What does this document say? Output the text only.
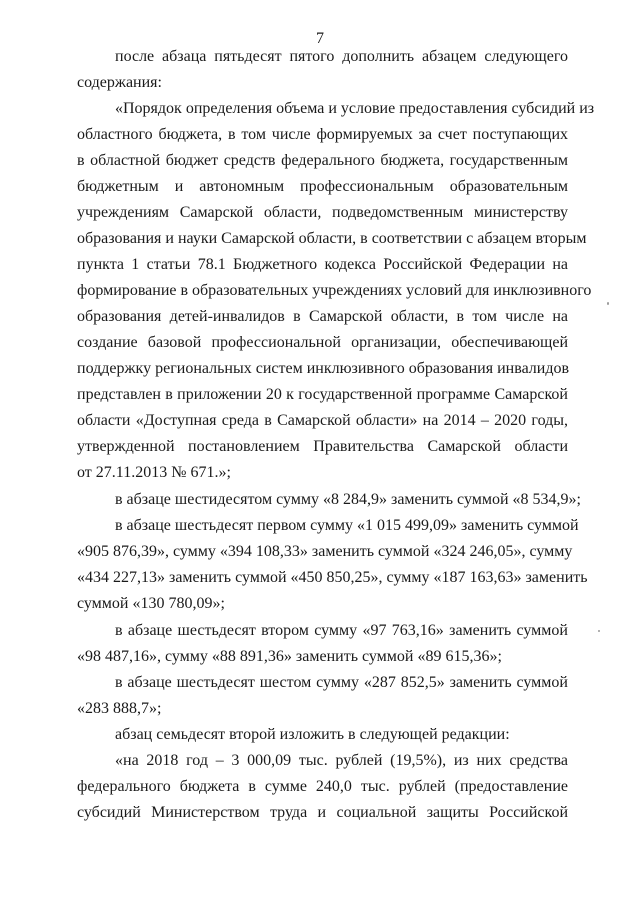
7
после абзаца пятьдесят пятого дополнить абзацем следующего
содержания:
«Порядок определения объема и условие предоставления субсидий из
областного бюджета, в том числе формируемых за счет поступающих
в областной бюджет средств федерального бюджета, государственным
бюджетным и автономным профессиональным образовательным
учреждениям Самарской области, подведомственным министерству
образования и науки Самарской области, в соответствии с абзацем вторым
пункта 1 статьи 78.1 Бюджетного кодекса Российской Федерации на
формирование в образовательных учреждениях условий для инклюзивного
образования детей-инвалидов в Самарской области, в том числе на
создание базовой профессиональной организации, обеспечивающей
поддержку региональных систем инклюзивного образования инвалидов
представлен в приложении 20 к государственной программе Самарской
области «Доступная среда в Самарской области» на 2014 – 2020 годы,
утвержденной постановлением Правительства Самарской области
от 27.11.2013 № 671.»;
в абзаце шестидесятом сумму «8 284,9» заменить суммой «8 534,9»;
в абзаце шестьдесят первом сумму «1 015 499,09» заменить суммой
«905 876,39», сумму «394 108,33» заменить суммой «324 246,05», сумму
«434 227,13» заменить суммой «450 850,25», сумму «187 163,63» заменить
суммой «130 780,09»;
в абзаце шестьдесят втором сумму «97 763,16» заменить суммой
«98 487,16», сумму «88 891,36» заменить суммой «89 615,36»;
в абзаце шестьдесят шестом сумму «287 852,5» заменить суммой
«283 888,7»;
абзац семьдесят второй изложить в следующей редакции:
«на 2018 год – 3 000,09 тыс. рублей (19,5%), из них средства
федерального бюджета в сумме 240,0 тыс. рублей (предоставление
субсидий Министерством труда и социальной защиты Российской
